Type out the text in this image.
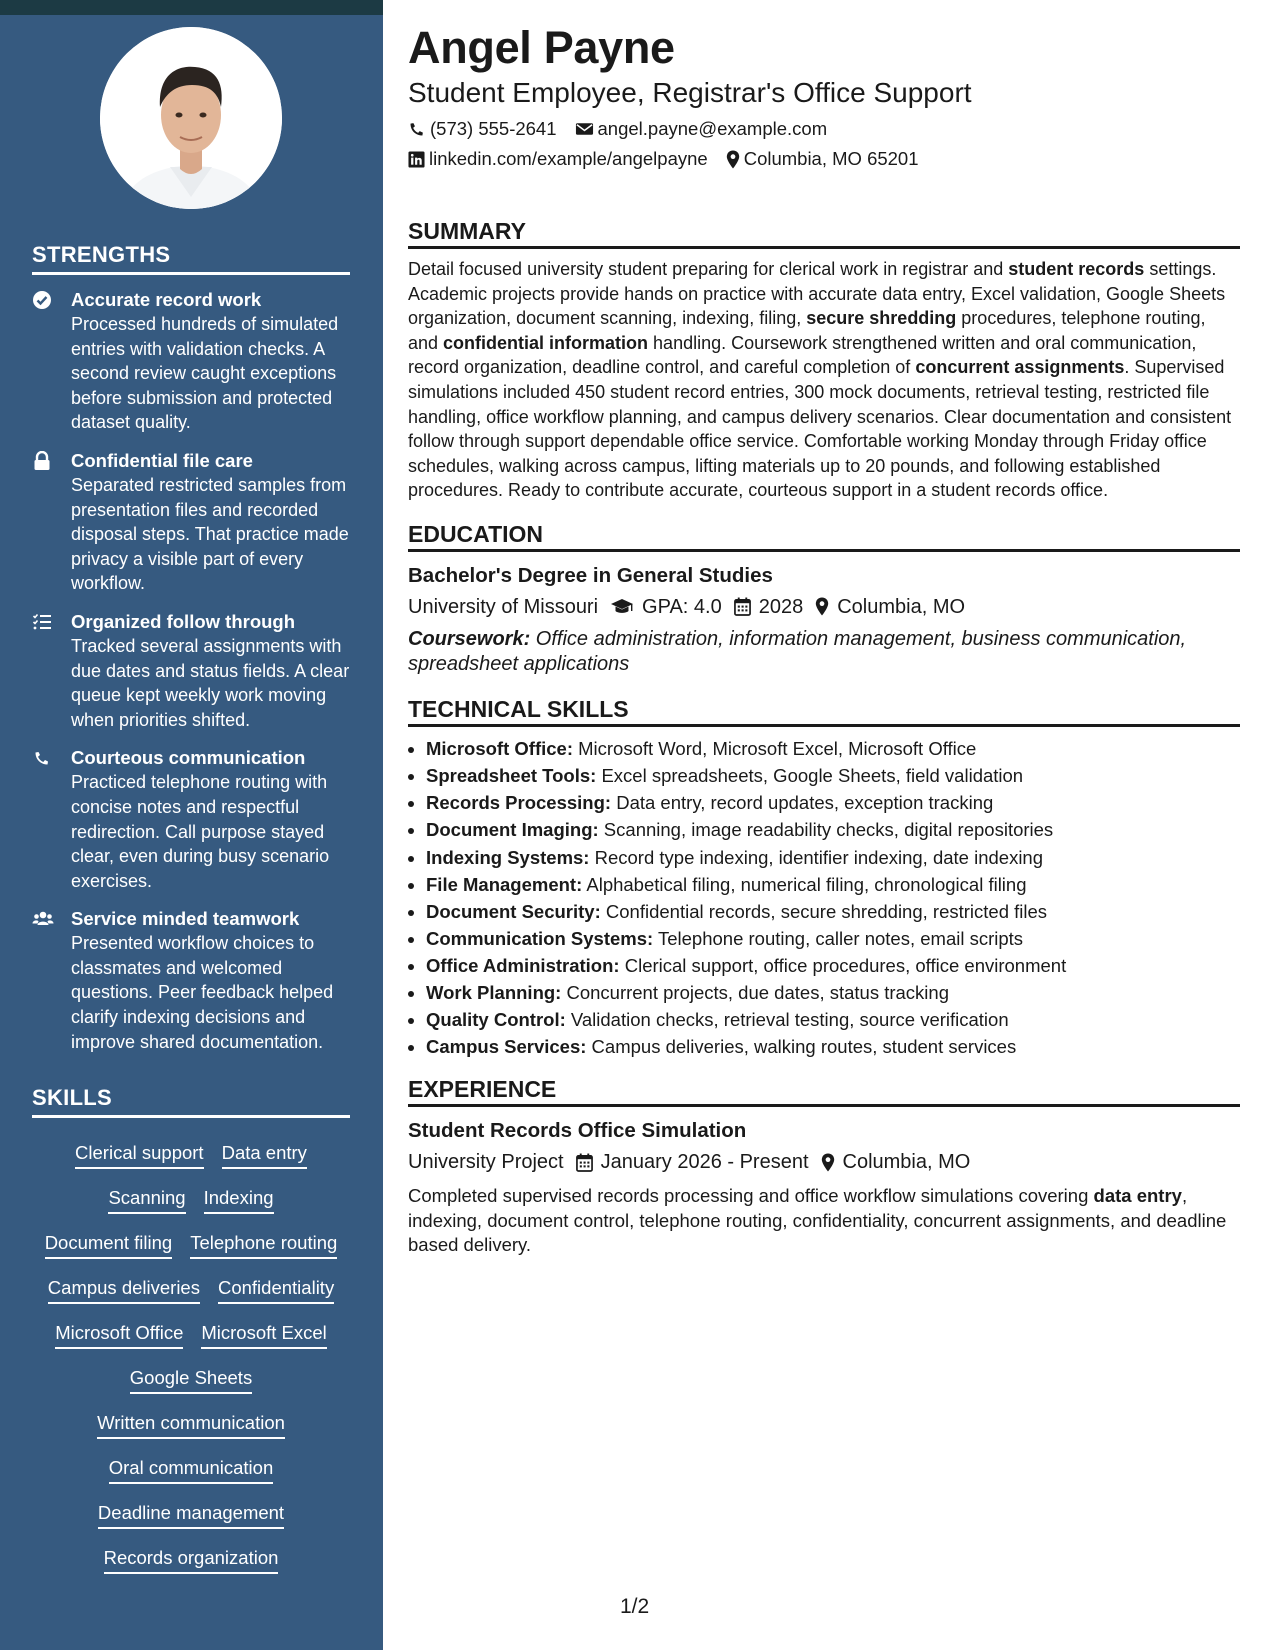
STRENGTHS
Accurate record work
Processed hundreds of simulated entries with validation checks. A second review caught exceptions before submission and protected dataset quality.
Confidential file care
Separated restricted samples from presentation files and recorded disposal steps. That practice made privacy a visible part of every workflow.
Organized follow through
Tracked several assignments with due dates and status fields. A clear queue kept weekly work moving when priorities shifted.
Courteous communication
Practiced telephone routing with concise notes and respectful redirection. Call purpose stayed clear, even during busy scenario exercises.
Service minded teamwork
Presented workflow choices to classmates and welcomed questions. Peer feedback helped clarify indexing decisions and improve shared documentation.
SKILLS
Clerical support Data entry
Scanning Indexing
Document filing Telephone routing
Campus deliveries Confidentiality
Microsoft Office Microsoft Excel
Google Sheets
Written communication
Oral communication
Deadline management
Records organization
Angel Payne
Student Employee, Registrar's Office Support
(573) 555-2641 angel.payne@example.com
linkedin.com/example/angelpayne Columbia, MO 65201
SUMMARY
Detail focused university student preparing for clerical work in registrar and student records settings. Academic projects provide hands on practice with accurate data entry, Excel validation, Google Sheets organization, document scanning, indexing, filing, secure shredding procedures, telephone routing, and confidential information handling. Coursework strengthened written and oral communication, record organization, deadline control, and careful completion of concurrent assignments. Supervised simulations included 450 student record entries, 300 mock documents, retrieval testing, restricted file handling, office workflow planning, and campus delivery scenarios. Clear documentation and consistent follow through support dependable office service. Comfortable working Monday through Friday office schedules, walking across campus, lifting materials up to 20 pounds, and following established procedures. Ready to contribute accurate, courteous support in a student records office.
EDUCATION
Bachelor's Degree in General Studies
University of Missouri GPA: 4.0 2028 Columbia, MO
Coursework: Office administration, information management, business communication, spreadsheet applications
TECHNICAL SKILLS
• Microsoft Office: Microsoft Word, Microsoft Excel, Microsoft Office
• Spreadsheet Tools: Excel spreadsheets, Google Sheets, field validation
• Records Processing: Data entry, record updates, exception tracking
• Document Imaging: Scanning, image readability checks, digital repositories
• Indexing Systems: Record type indexing, identifier indexing, date indexing
• File Management: Alphabetical filing, numerical filing, chronological filing
• Document Security: Confidential records, secure shredding, restricted files
• Communication Systems: Telephone routing, caller notes, email scripts
• Office Administration: Clerical support, office procedures, office environment
• Work Planning: Concurrent projects, due dates, status tracking
• Quality Control: Validation checks, retrieval testing, source verification
• Campus Services: Campus deliveries, walking routes, student services
EXPERIENCE
Student Records Office Simulation
University Project January 2026 - Present Columbia, MO
Completed supervised records processing and office workflow simulations covering data entry, indexing, document control, telephone routing, confidentiality, concurrent assignments, and deadline based delivery.
1/2
